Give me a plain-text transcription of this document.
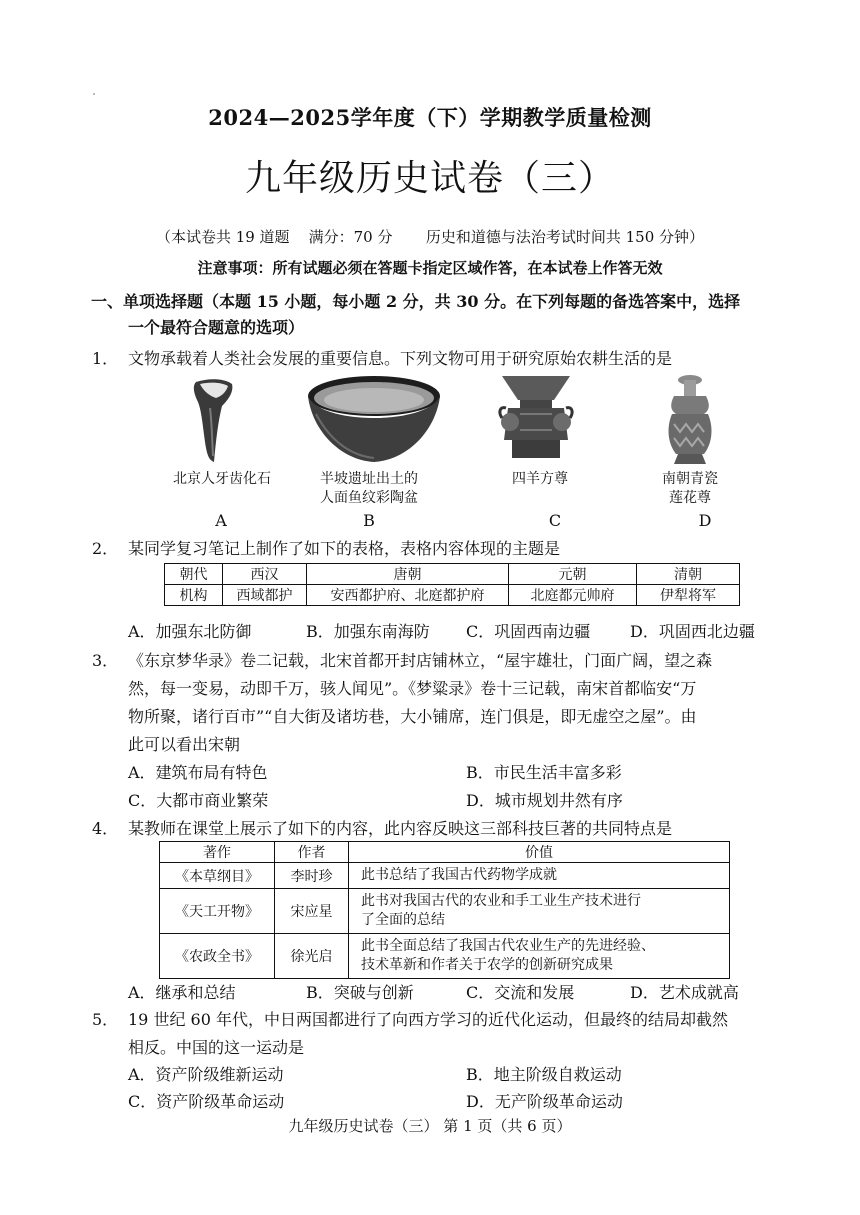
2024—2025学年度（下）学期教学质量检测
九年级历史试卷（三）
（本试卷共 19 道题    满分：70 分       历史和道德与法治考试时间共 150 分钟）
注意事项：所有试题必须在答题卡指定区域作答，在本试卷上作答无效
一、单项选择题（本题 15 小题，每小题 2 分，共 30 分。在下列每题的备选答案中，选择
一个最符合题意的选项）
1． 文物承载着人类社会发展的重要信息。下列文物可用于研究原始农耕生活的是
北京人牙齿化石	半坡遗址出土的
人面鱼纹彩陶盆
四羊方尊	南朝青瓷
莲花尊
A	B	C	D
2． 某同学复习笔记上制作了如下的表格，表格内容体现的主题是
朝代	西汉	唐朝	元朝	清朝
机构	西域都护	安西都护府、北庭都护府	北庭都元帅府	伊犁将军
A．加强东北防御	B．加强东南海防 C．巩固西南边疆 D．巩固西北边疆
3． 《东京梦华录》卷二记载，北宋首都开封店铺林立，“屋宇雄壮，门面广阔，望之森
然，每一变易，动即千万，骇人闻见”。《梦粱录》卷十三记载，南宋首都临安“万
物所聚，诸行百市”“自大街及诸坊巷，大小铺席，连门俱是，即无虚空之屋”。由
此可以看出宋朝
A．建筑布局有特色	B．市民生活丰富多彩
C．大都市商业繁荣	D．城市规划井然有序
4． 某教师在课堂上展示了如下的内容，此内容反映这三部科技巨著的共同特点是
著作	作者	价值
《本草纲目》	李时珍	此书总结了我国古代药物学成就
《天工开物》	宋应星	此书对我国古代的农业和手工业生产技术进行
了全面的总结
《农政全书》	徐光启	此书全面总结了我国古代农业生产的先进经验、
技术革新和作者关于农学的创新研究成果
A．继承和总结	B．突破与创新	C．交流和发展	D．艺术成就高
5． 19 世纪 60 年代，中日两国都进行了向西方学习的近代化运动，但最终的结局却截然
相反。中国的这一运动是
A．资产阶级维新运动	B．地主阶级自救运动
C．资产阶级革命运动	D．无产阶级革命运动
九年级历史试卷（三） 第 1 页（共 6 页）
